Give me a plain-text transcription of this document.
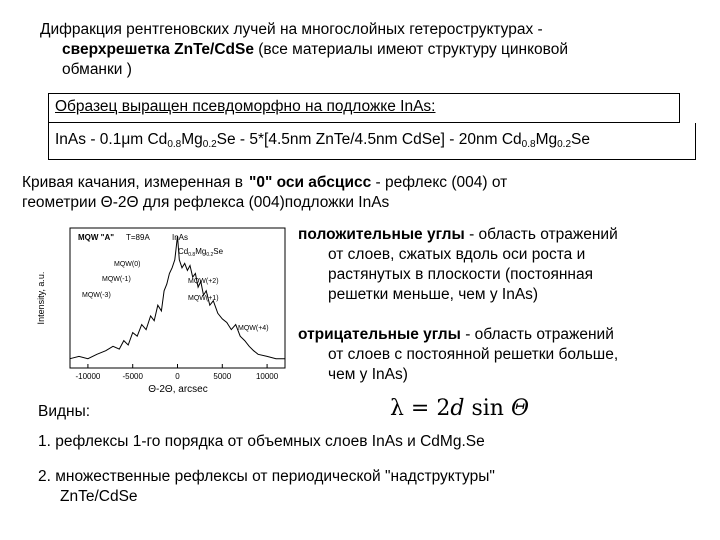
Дифракция рентгеновских лучей на многослойных гетероструктурах -
сверхрешетка ZnTe/CdSe (все материалы имеют структуру цинковой
обманки )
Образец выращен псевдоморфно на подложке InAs:
InAs - 0.1μm $Cd_{0.8}Mg_{0.2}Se - 5*[4.5nm$ ZnTe/4.5nm CdSe] - 20nm $Cd_{0.8}Mg_{0.2}Se$
Кривая качания, измеренная в "0" оси абсцисс - рефлекс (004) от
геометрии Θ-2Θ для рефлекса (004)подложки InAs
-10000	-5000	0	5000	10000
Intensity, a.u.
Θ-2Θ, arcsec
MQW "A" T=89A	InAs
$Cd_{0.8}Mg_{0.2}Se$
MQW(0)
MQW(-1)	MQW(+2)
MQW(-3)	MQW(+1)
MQW(+4)
положительные углы - область отражений
от слоев, сжатых вдоль оси роста и
растянутых в плоскости (постоянная
решетки меньше, чем у InAs)
отрицательные углы - область отражений
от слоев с постоянной решетки больше,
чем у InAs)
Видны:	λ = 2d sin Θ
1. рефлексы 1-го порядка от объемных слоев InAs и CdMg.Se
2. множественные рефлексы от периодической "надструктуры"
ZnTe/CdSe
